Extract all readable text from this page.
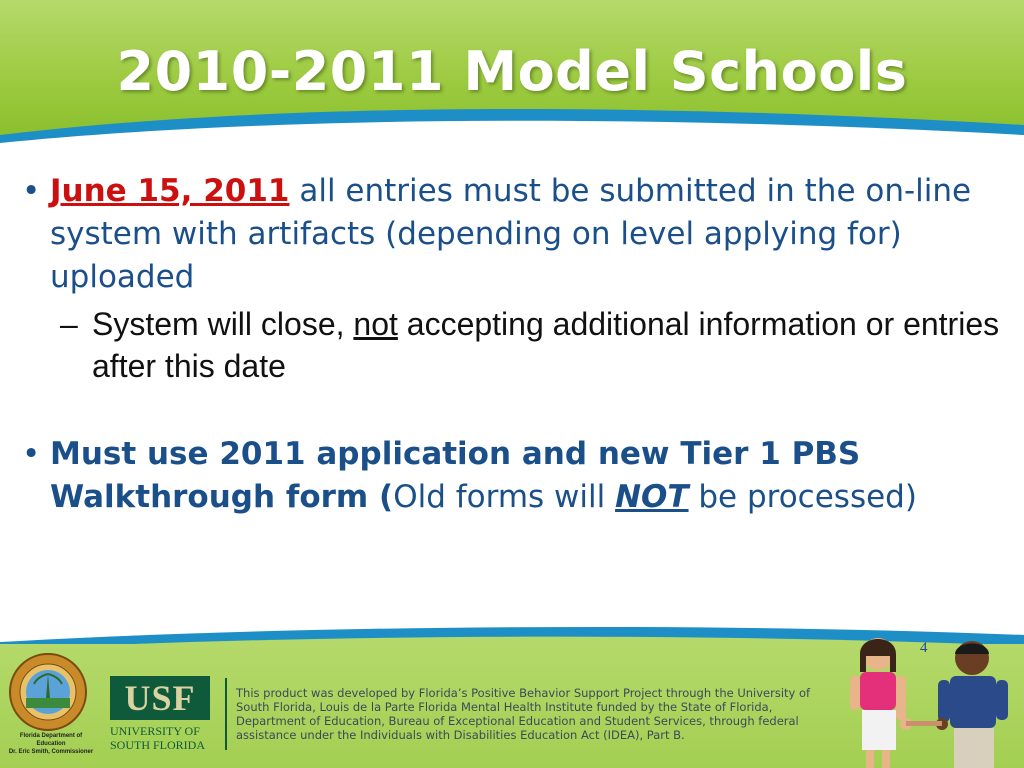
2010-2011 Model Schools
• June 15, 2011 all entries must be submitted in the on-line system with artifacts (depending on level applying for) uploaded
– System will close, not accepting additional information or entries after this date
• Must use 2011 application and new Tier 1 PBS Walkthrough form (Old forms will NOT be processed)
4
Florida Department of Education
Dr. Eric Smith, Commissioner
USF
UNIVERSITY OF
SOUTH FLORIDA
This product was developed by Florida’s Positive Behavior Support Project through the University of South Florida, Louis de la Parte Florida Mental Health Institute funded by the State of Florida, Department of Education, Bureau of Exceptional Education and Student Services, through federal assistance under the Individuals with Disabilities Education Act (IDEA), Part B.
